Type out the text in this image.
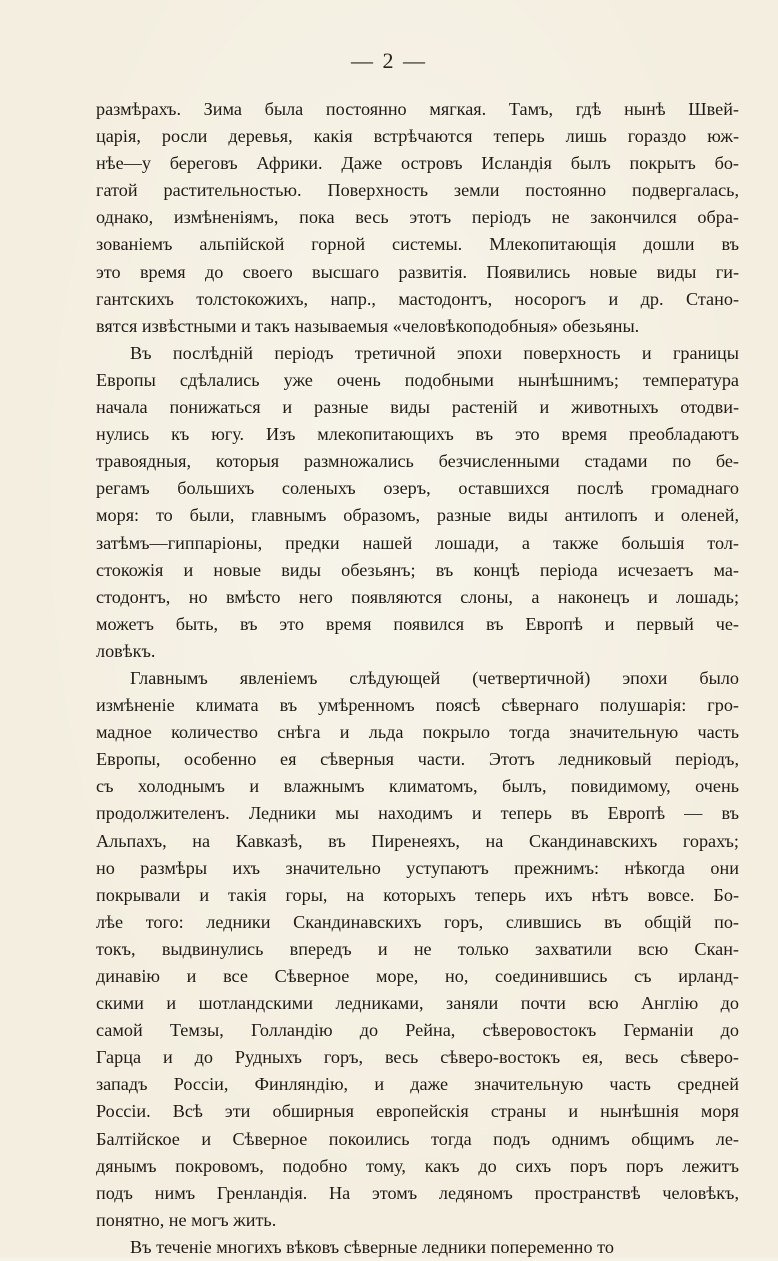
— 2 —
размѣрахъ. Зима была постоянно мягкая. Тамъ, гдѣ нынѣ Швей-
царія, росли деревья, какія встрѣчаются теперь лишь гораздо юж-
нѣе—у береговъ Африки. Даже островъ Исландія былъ покрытъ бо-
гатой растительностью. Поверхность земли постоянно подвергалась,
однако, измѣненіямъ, пока весь этотъ періодъ не закончился обра-
зованіемъ альпійской горной системы. Млекопитающія дошли въ
это время до своего высшаго развитія. Появились новые виды ги-
гантскихъ толстокожихъ, напр., мастодонтъ, носорогъ и др. Стано-
вятся извѣстными и такъ называемыя «человѣкоподобныя» обезьяны.
Въ послѣдній періодъ третичной эпохи поверхность и границы
Европы сдѣлались уже очень подобными нынѣшнимъ; температура
начала понижаться и разные виды растеній и животныхъ отодви-
нулись къ югу. Изъ млекопитающихъ въ это время преобладаютъ
травоядныя, которыя размножались безчисленными стадами по бе-
регамъ большихъ соленыхъ озеръ, оставшихся послѣ громаднаго
моря: то были, главнымъ образомъ, разные виды антилопъ и оленей,
затѣмъ—гиппаріоны, предки нашей лошади, а также большія тол-
стокожія и новые виды обезьянъ; въ концѣ періода исчезаетъ ма-
стодонтъ, но вмѣсто него появляются слоны, а наконецъ и лошадь;
можетъ быть, въ это время появился въ Европѣ и первый че-
ловѣкъ.
Главнымъ явленіемъ слѣдующей (четвертичной) эпохи было
измѣненіе климата въ умѣренномъ поясѣ сѣвернаго полушарія: гро-
мадное количество снѣга и льда покрыло тогда значительную часть
Европы, особенно ея сѣверныя части. Этотъ ледниковый періодъ,
съ холоднымъ и влажнымъ климатомъ, былъ, повидимому, очень
продолжителенъ. Ледники мы находимъ и теперь въ Европѣ — въ
Альпахъ, на Кавказѣ, въ Пиренеяхъ, на Скандинавскихъ горахъ;
но размѣры ихъ значительно уступаютъ прежнимъ: нѣкогда они
покрывали и такія горы, на которыхъ теперь ихъ нѣтъ вовсе. Бо-
лѣе того: ледники Скандинавскихъ горъ, слившись въ общій по-
токъ, выдвинулись впередъ и не только захватили всю Скан-
динавію и все Сѣверное море, но, соединившись съ ирланд-
скими и шотландскими ледниками, заняли почти всю Англію до
самой Темзы, Голландію до Рейна, сѣверовостокъ Германіи до
Гарца и до Рудныхъ горъ, весь сѣверо-востокъ ея, весь сѣверо-
западъ Россіи, Финляндію, и даже значительную часть средней
Россіи. Всѣ эти обширныя европейскія страны и нынѣшнія моря
Балтійское и Сѣверное покоились тогда подъ однимъ общимъ ле-
дянымъ покровомъ, подобно тому, какъ до сихъ поръ поръ лежитъ
подъ нимъ Гренландія. На этомъ ледяномъ пространствѣ человѣкъ,
понятно, не могъ жить.
Въ теченіе многихъ вѣковъ сѣверные ледники попеременно то
